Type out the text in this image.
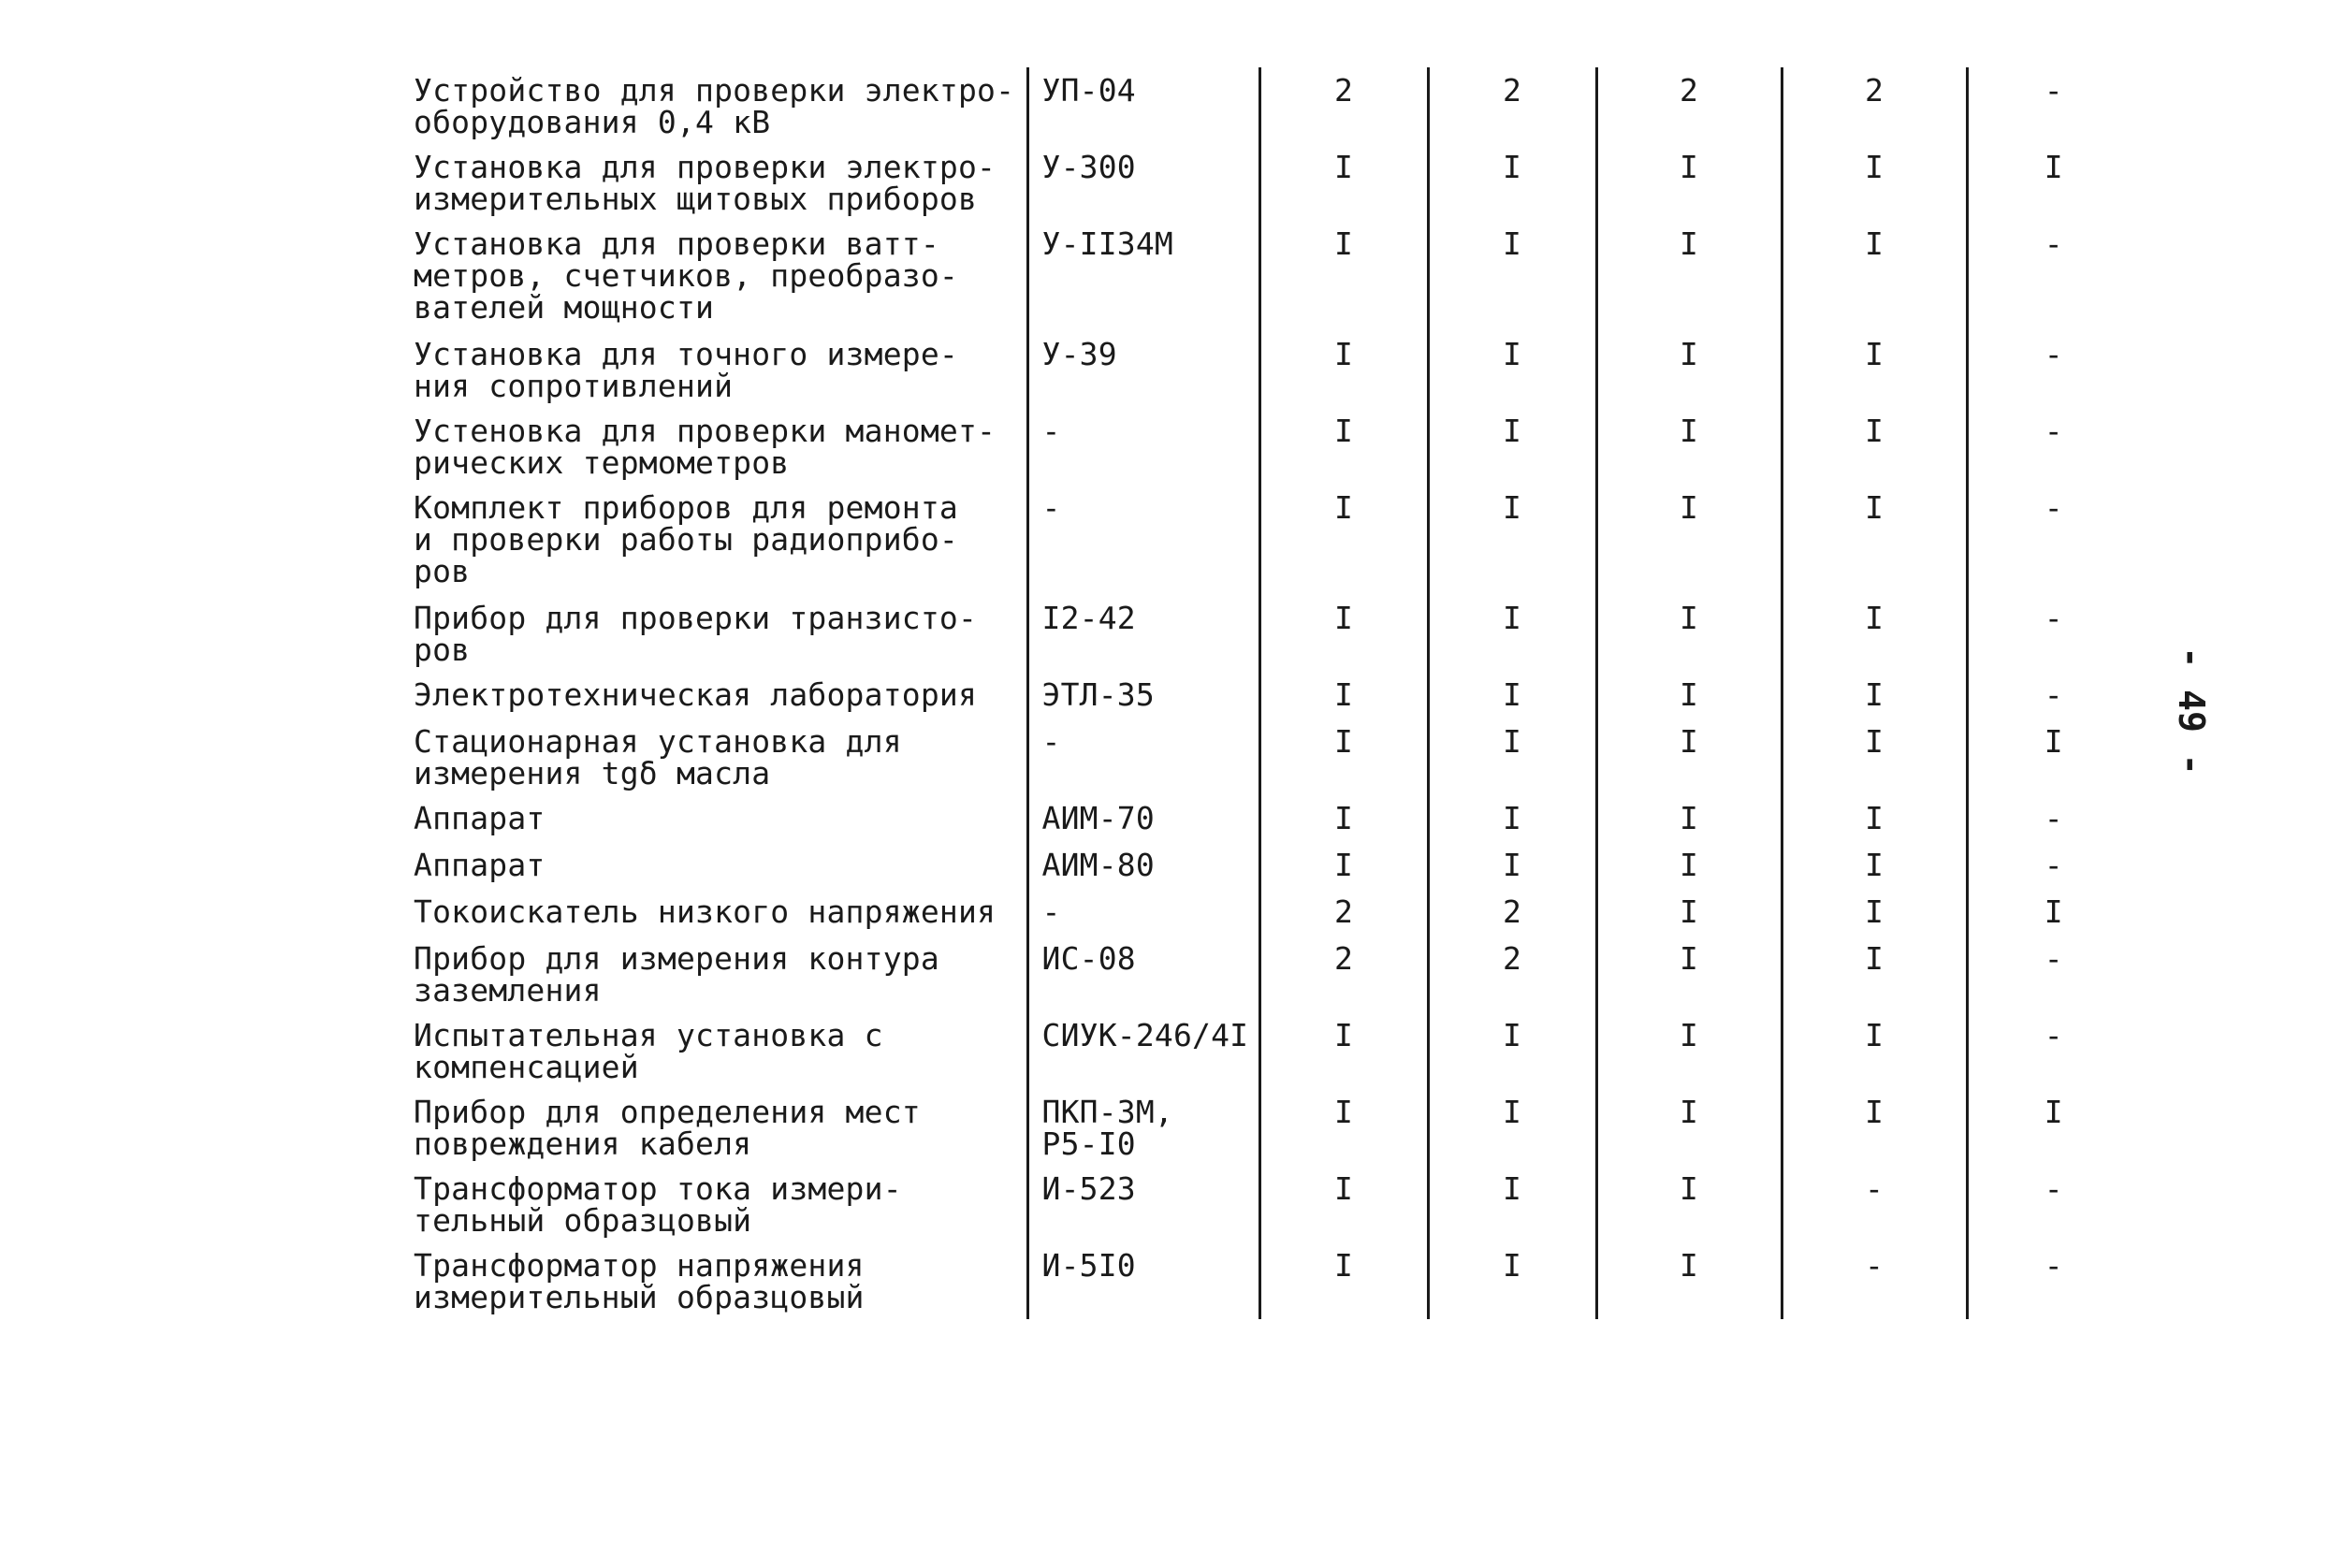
Устройство для проверки электро-
оборудования 0,4 кВ	УП-04	2	2	2	2	-
Установка для проверки электро-
измерительных щитовых приборов	У-300	I	I	I	I	I
Установка для проверки ватт-
метров, счетчиков, преобразо-
вателей мощности	У-II34M	I	I	I	I	-
Установка для точного измере-
ния сопротивлений	У-39	I	I	I	I	-
Устeновка для проверки маномет-
рических термометров	-	I	I	I	I	-
Комплект приборов для ремонта
и проверки работы радиоприбо-
ров	-	I	I	I	I	-
Прибор для проверки транзисто-
ров	I2-42	I	I	I	I	-
Электротехническая лаборатория	ЭТЛ-35	I	I	I	I	-
Стационарная установка для
измерения tgδ масла	-	I	I	I	I	I
Аппарат	АИМ-70	I	I	I	I	-
Аппарат	АИМ-80	I	I	I	I	-
Токоискатель низкого напряжения	-	2	2	I	I	I
Прибор для измерения контура
заземления	ИС-08	2	2	I	I	-
Испытательная установка с
компенсацией	СИУК-246/4I	I	I	I	I	-
Прибор для определения мест
повреждения кабеля	ПКП-3М,
Р5-I0	I	I	I	I	I
Трансформатор тока измери-
тельный образцовый	И-523	I	I	I	-	-
Трансформатор напряжения
измерительный образцовый	И-5I0	I	I	I	-	-
- 49 -
